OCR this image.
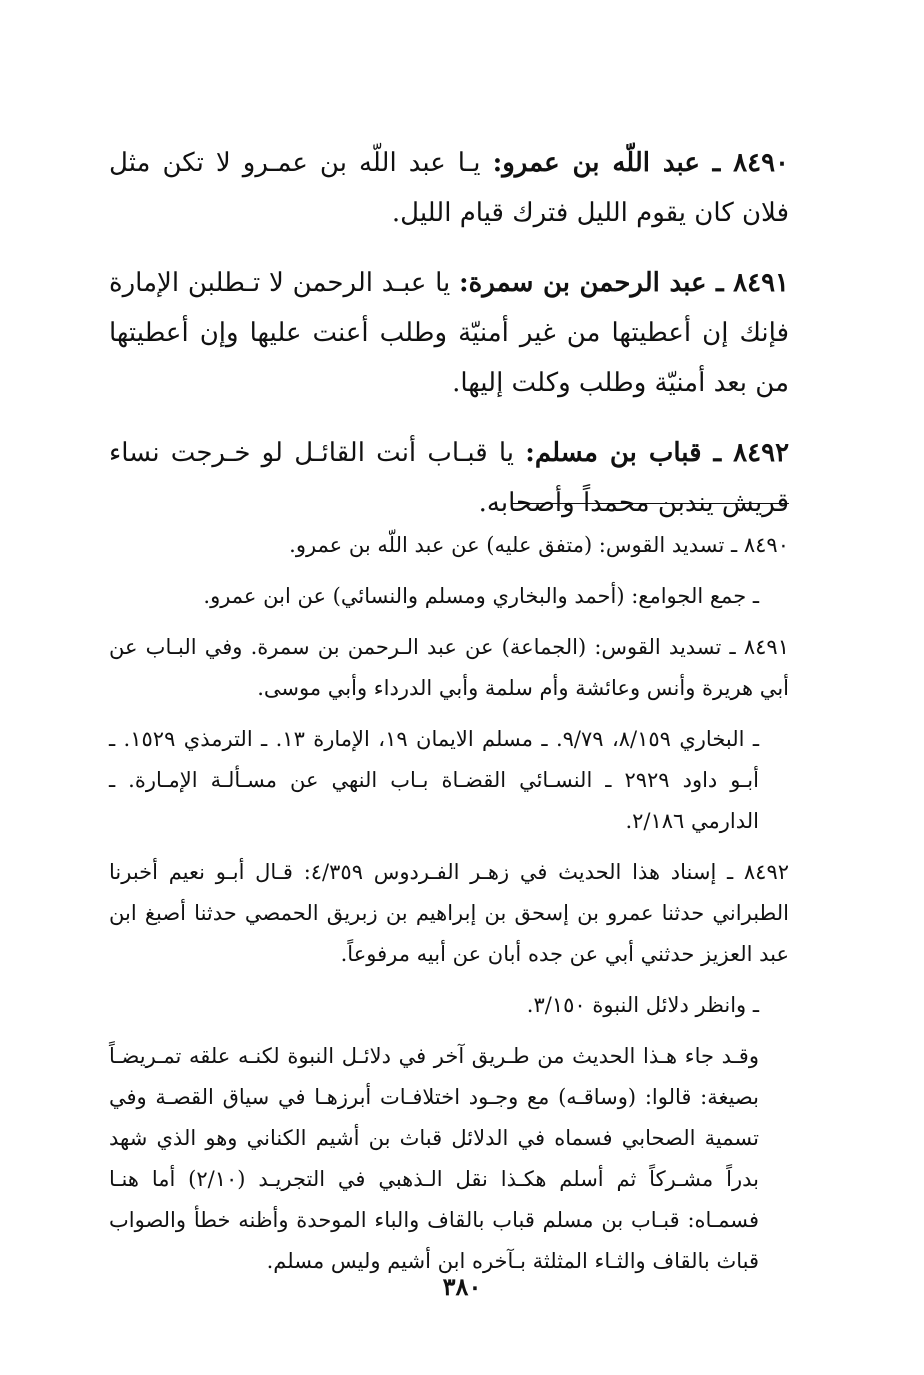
٨٤٩٠ ـ عبد اللّه بن عمرو: يـا عبد اللّه بن عمـرو لا تكن مثل فلان كان يقوم الليل فترك قيام الليل.

٨٤٩١ ـ عبد الرحمن بن سمرة: يا عبـد الرحمن لا تـطلبن الإمارة فإنك إن أعطيتها من غير أمنيّة وطلب أعنت عليها وإن أعطيتها من بعد أمنيّة وطلب وكلت إليها.

٨٤٩٢ ـ قباب بن مسلم: يا قبـاب أنت القائـل لو خـرجت نساء قريش يندبن محمداً وأصحابه.

٨٤٩٠ ـ تسديد القوس: (متفق عليه) عن عبد اللّه بن عمرو.

ـ جمع الجوامع: (أحمد والبخاري ومسلم والنسائي) عن ابن عمرو.

٨٤٩١ ـ تسديد القوس: (الجماعة) عن عبد الـرحمن بن سمرة. وفي البـاب عن أبي هريرة وأنس وعائشة وأم سلمة وأبي الدرداء وأبي موسى.

ـ البخاري ٨/١٥٩، ٩/٧٩. ـ مسلم الايمان ١٩، الإمارة ١٣. ـ الترمذي ١٥٢٩. ـ أبـو داود ٢٩٢٩ ـ النسـائي القضـاة بـاب النهي عن مسـألـة الإمـارة. ـ الدارمي ٢/١٨٦.

٨٤٩٢ ـ إسناد هذا الحديث في زهـر الفـردوس ٤/٣٥٩: قـال أبـو نعيم أخبرنا الطبراني حدثنا عمرو بن إسحق بن إبراهيم بن زبريق الحمصي حدثنا أصبغ ابن عبد العزيز حدثني أبي عن جده أبان عن أبيه مرفوعاً.

ـ وانظر دلائل النبوة ٣/١٥٠.

وقـد جاء هـذا الحديث من طـريق آخر في دلائـل النبوة لكنـه علقه تمـريضـاً بصيغة: قالوا: (وساقـه) مع وجـود اختلافـات أبرزهـا في سياق القصـة وفي تسمية الصحابي فسماه في الدلائل قباث بن أشيم الكناني وهو الذي شهد بدراً مشـركاً ثم أسلم هكـذا نقل الـذهبي في التجريـد (٢/١٠) أما هنـا فسمـاه: قبـاب بن مسلم قباب بالقاف والباء الموحدة وأظنه خطأ والصواب قباث بالقاف والثـاء المثلثة بـآخره ابن أشيم وليس مسلم.

٣٨٠
